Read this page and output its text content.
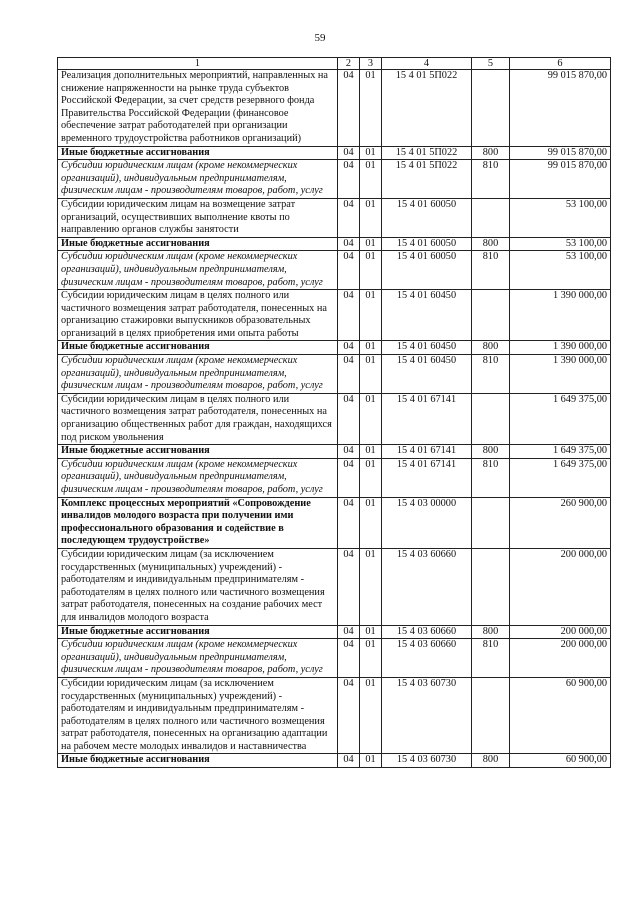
59
1	2	3	4	5	6
Реализация дополнительных мероприятий, направленных на снижение напряженности на рынке труда субъектов Российской Федерации, за счет средств резервного фонда Правительства Российской Федерации (финансовое обеспечение затрат работодателей при организации временного трудоустройства работников организаций)	04	01	15 4 01 5П022		99 015 870,00
Иные бюджетные ассигнования	04	01	15 4 01 5П022	800	99 015 870,00
Субсидии юридическим лицам (кроме некоммерческих организаций), индивидуальным предпринимателям, физическим лицам - производителям товаров, работ, услуг	04	01	15 4 01 5П022	810	99 015 870,00
Субсидии юридическим лицам на возмещение затрат организаций, осуществивших выполнение квоты по направлению органов службы занятости	04	01	15 4 01 60050		53 100,00
Иные бюджетные ассигнования	04	01	15 4 01 60050	800	53 100,00
Субсидии юридическим лицам (кроме некоммерческих организаций), индивидуальным предпринимателям, физическим лицам - производителям товаров, работ, услуг	04	01	15 4 01 60050	810	53 100,00
Субсидии юридическим лицам в целях полного или частичного возмещения затрат работодателя, понесенных на организацию стажировки выпускников образовательных организаций в целях приобретения ими опыта работы	04	01	15 4 01 60450		1 390 000,00
Иные бюджетные ассигнования	04	01	15 4 01 60450	800	1 390 000,00
Субсидии юридическим лицам (кроме некоммерческих организаций), индивидуальным предпринимателям, физическим лицам - производителям товаров, работ, услуг	04	01	15 4 01 60450	810	1 390 000,00
Субсидии юридическим лицам в целях полного или частичного возмещения затрат работодателя, понесенных на организацию общественных работ для граждан, находящихся под риском увольнения	04	01	15 4 01 67141		1 649 375,00
Иные бюджетные ассигнования	04	01	15 4 01 67141	800	1 649 375,00
Субсидии юридическим лицам (кроме некоммерческих организаций), индивидуальным предпринимателям, физическим лицам - производителям товаров, работ, услуг	04	01	15 4 01 67141	810	1 649 375,00
Комплекс процессных мероприятий «Сопровождение инвалидов молодого возраста при получении ими профессионального образования и содействие в последующем трудоустройстве»	04	01	15 4 03 00000		260 900,00
Субсидии юридическим лицам (за исключением государственных (муниципальных) учреждений) - работодателям и индивидуальным предпринимателям - работодателям в целях полного или частичного возмещения затрат работодателя, понесенных на создание рабочих мест для инвалидов молодого возраста	04	01	15 4 03 60660		200 000,00
Иные бюджетные ассигнования	04	01	15 4 03 60660	800	200 000,00
Субсидии юридическим лицам (кроме некоммерческих организаций), индивидуальным предпринимателям, физическим лицам - производителям товаров, работ, услуг	04	01	15 4 03 60660	810	200 000,00
Субсидии юридическим лицам (за исключением государственных (муниципальных) учреждений) - работодателям и индивидуальным предпринимателям - работодателям в целях полного или частичного возмещения затрат работодателя, понесенных на организацию адаптации на рабочем месте молодых инвалидов и наставничества	04	01	15 4 03 60730		60 900,00
Иные бюджетные ассигнования	04	01	15 4 03 60730	800	60 900,00
